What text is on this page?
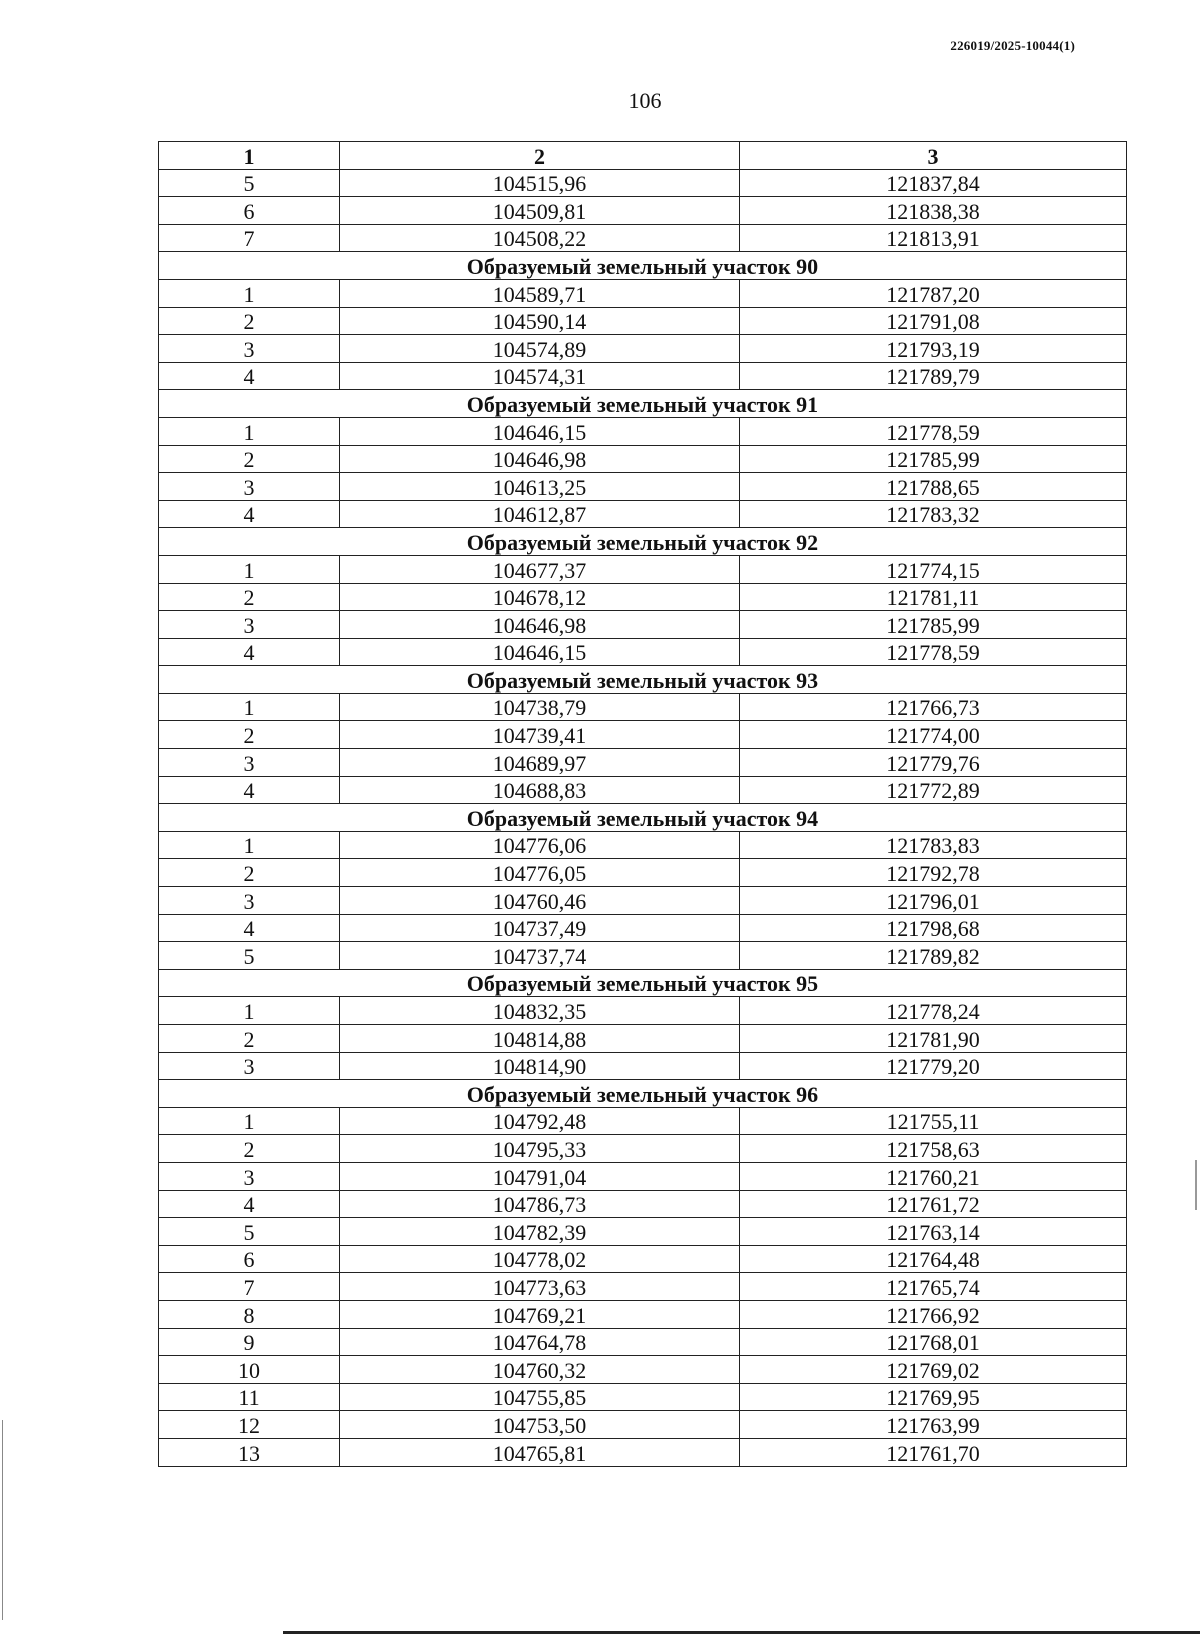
226019/2025-10044(1)
106
1	2	3
5	104515,96	121837,84
6	104509,81	121838,38
7	104508,22	121813,91
Образуемый земельный участок 90		
1	104589,71	121787,20
2	104590,14	121791,08
3	104574,89	121793,19
4	104574,31	121789,79
Образуемый земельный участок 91		
1	104646,15	121778,59
2	104646,98	121785,99
3	104613,25	121788,65
4	104612,87	121783,32
Образуемый земельный участок 92		
1	104677,37	121774,15
2	104678,12	121781,11
3	104646,98	121785,99
4	104646,15	121778,59
Образуемый земельный участок 93		
1	104738,79	121766,73
2	104739,41	121774,00
3	104689,97	121779,76
4	104688,83	121772,89
Образуемый земельный участок 94		
1	104776,06	121783,83
2	104776,05	121792,78
3	104760,46	121796,01
4	104737,49	121798,68
5	104737,74	121789,82
Образуемый земельный участок 95		
1	104832,35	121778,24
2	104814,88	121781,90
3	104814,90	121779,20
Образуемый земельный участок 96		
1	104792,48	121755,11
2	104795,33	121758,63
3	104791,04	121760,21
4	104786,73	121761,72
5	104782,39	121763,14
6	104778,02	121764,48
7	104773,63	121765,74
8	104769,21	121766,92
9	104764,78	121768,01
10	104760,32	121769,02
11	104755,85	121769,95
12	104753,50	121763,99
13	104765,81	121761,70
